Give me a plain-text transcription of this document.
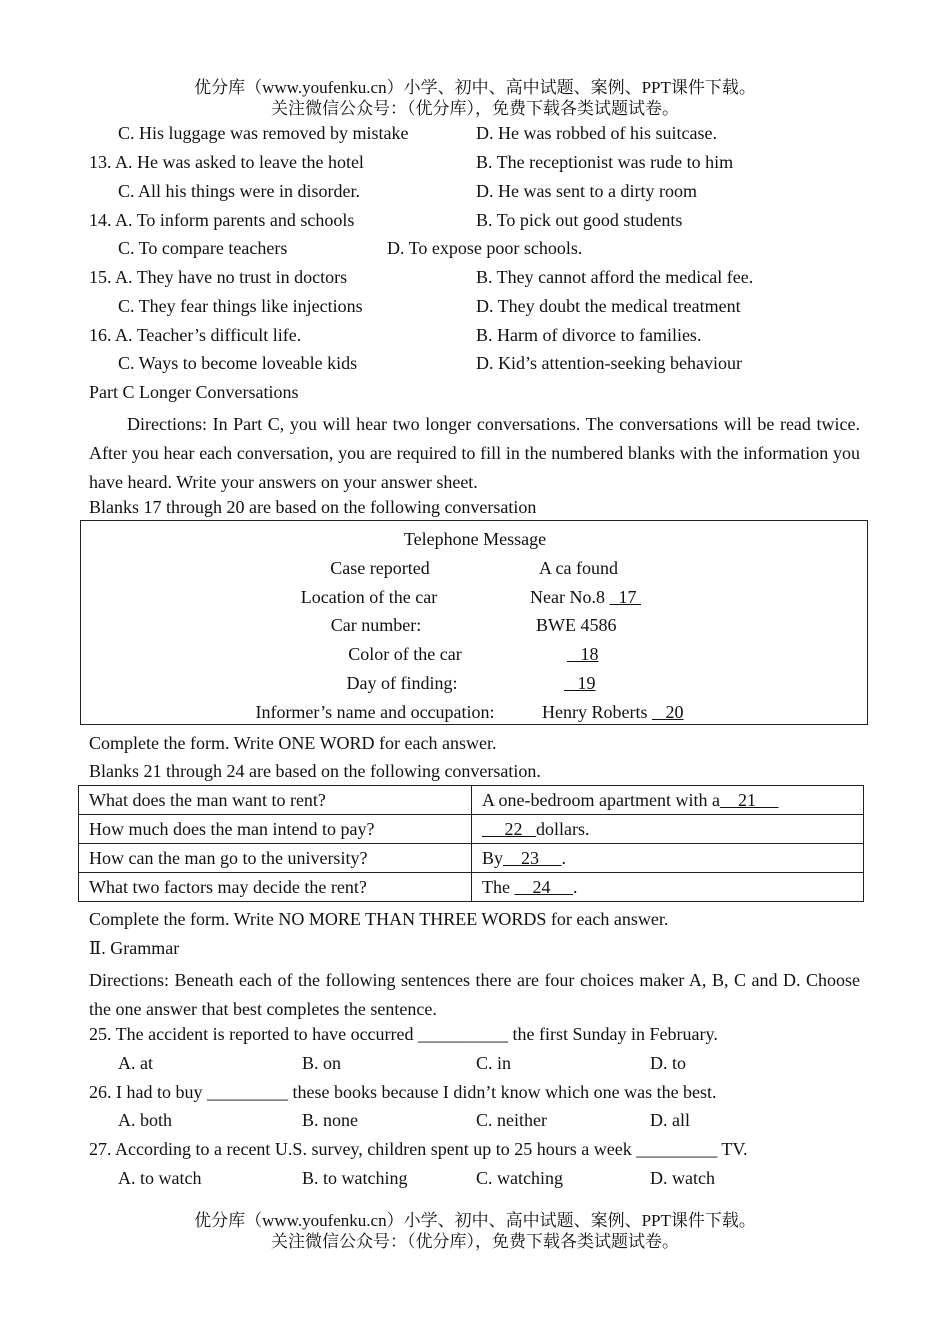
优分库（www.youfenku.cn）小学、初中、高中试题、案例、PPT课件下载。
关注微信公众号：（优分库），免费下载各类试题试卷。
C. His luggage was removed by mistake	D. He was robbed of his suitcase.
13. A. He was asked to leave the hotel	B. The receptionist was rude to him
C. All his things were in disorder.	D. He was sent to a dirty room
14. A. To inform parents and schools	B. To pick out good students
C. To compare teachers	D. To expose poor schools.
15. A. They have no trust in doctors	B. They cannot afford the medical fee.
C. They fear things like injections	D. They doubt the medical treatment
16. A. Teacher’s difficult life.	B. Harm of divorce to families.
C. Ways to become loveable kids	D. Kid’s attention-seeking behaviour
Part C Longer Conversations
Directions: In Part C, you will hear two longer conversations. The conversations will be read twice. After you hear each conversation, you are required to fill in the numbered blanks with the information you have heard. Write your answers on your answer sheet.
Blanks 17 through 20 are based on the following conversation
Telephone Message
Case reported	A ca found
Location of the car	Near No.8   17
Car number:	BWE 4586
Color of the car	18
Day of finding:	19
Informer’s name and occupation:	Henry Roberts    20
Complete the form. Write ONE WORD for each answer.
Blanks 21 through 24 are based on the following conversation.
What does the man want to rent?	A one-bedroom apartment with a    21
How much does the man intend to pay?	22   dollars.
How can the man go to the university?	By    23     .
What two factors may decide the rent?	The     24     .
Complete the form. Write NO MORE THAN THREE WORDS for each answer.
Ⅱ. Grammar
Directions: Beneath each of the following sentences there are four choices maker A, B, C and D. Choose the one answer that best completes the sentence.
25. The accident is reported to have occurred __________ the first Sunday in February.
A. at	B. on	C. in	D. to
26. I had to buy _________ these books because I didn’t know which one was the best.
A. both	B. none	C. neither	D. all
27. According to a recent U.S. survey, children spent up to 25 hours a week _________ TV.
A. to watch	B. to watching	C. watching	D. watch
优分库（www.youfenku.cn）小学、初中、高中试题、案例、PPT课件下载。
关注微信公众号：（优分库），免费下载各类试题试卷。
